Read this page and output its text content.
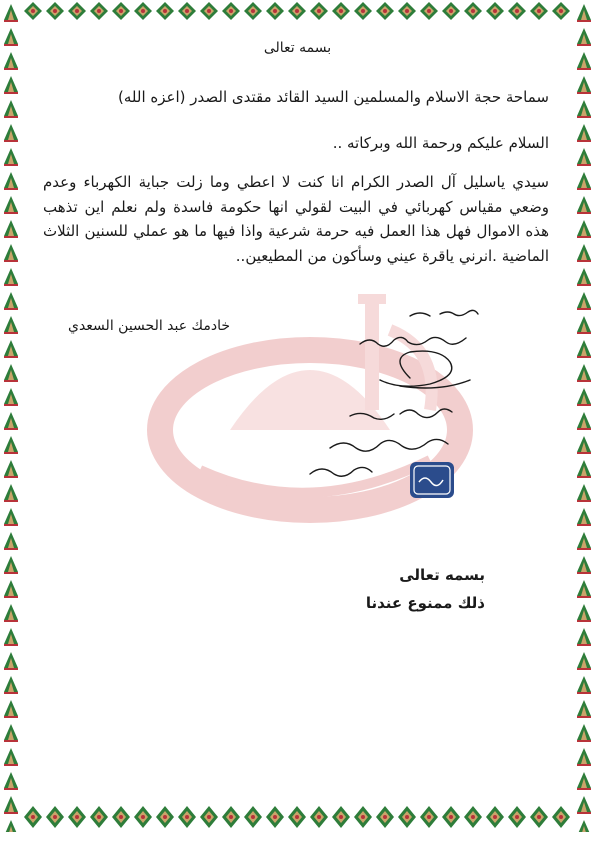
بسمه تعالى
سماحة حجة الاسلام والمسلمين السيد القائد مقتدى الصدر (اعزه الله)
السلام عليكم ورحمة الله وبركاته ..
سيدي ياسليل آل الصدر الكرام انا كنت لا اعطي وما زلت جباية الكهرباء وعدم وضعي مقياس كهربائي في البيت لقولي انها حكومة فاسدة ولم نعلم اين تذهب هذه الاموال فهل هذا العمل فيه حرمة شرعية واذا فيها ما هو عملي للسنين الثلاث الماضية .انرني ياقرة عيني وسأكون من المطيعين..
خادمك عبد الحسين السعدي
بسمه تعالى
ذلك ممنوع عندنا
